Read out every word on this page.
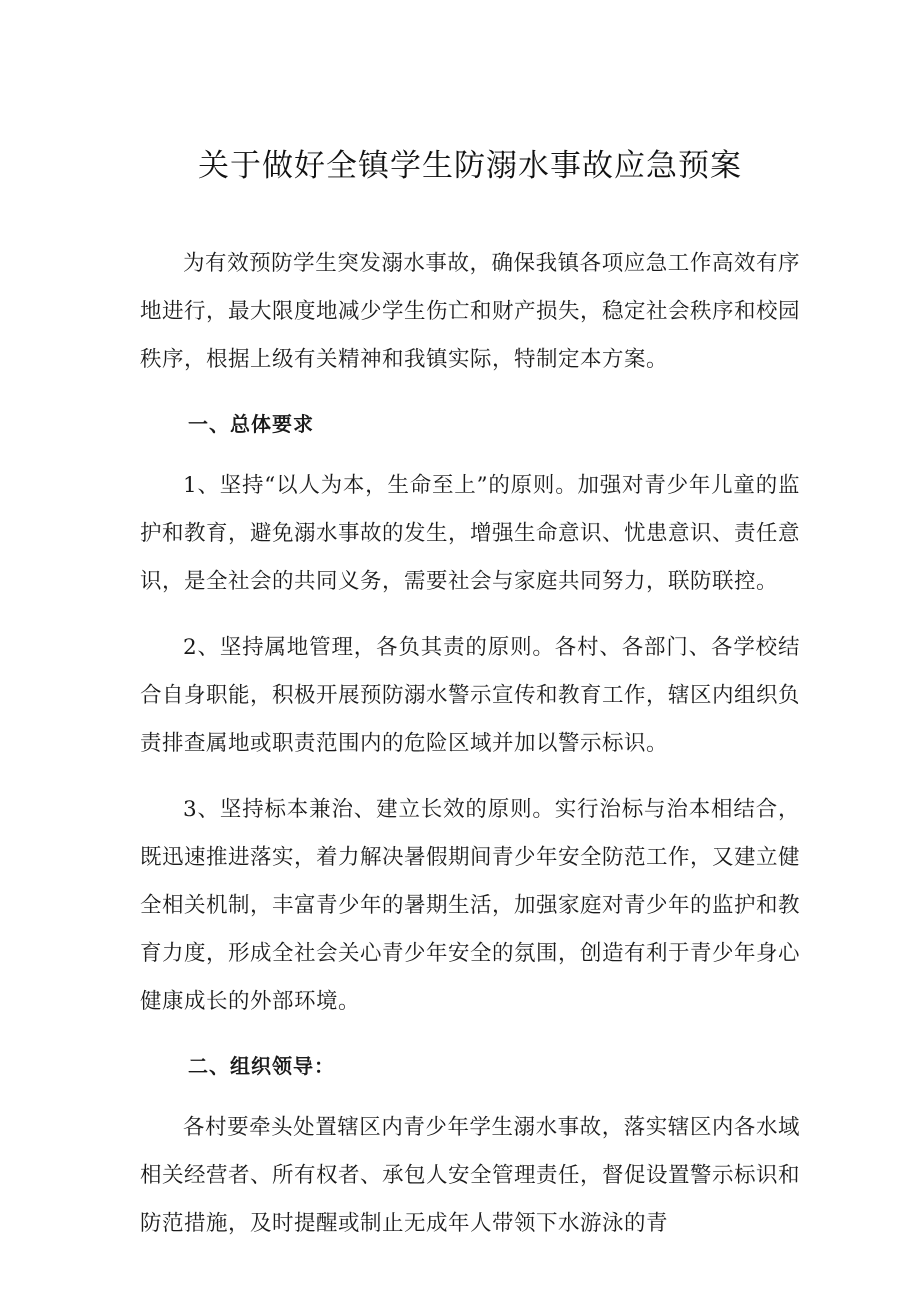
关于做好全镇学生防溺水事故应急预案

为有效预防学生突发溺水事故，确保我镇各项应急工作高效有序地进行，最大限度地减少学生伤亡和财产损失，稳定社会秩序和校园秩序，根据上级有关精神和我镇实际，特制定本方案。

一、总体要求

1、坚持“以人为本，生命至上”的原则。加强对青少年儿童的监护和教育，避免溺水事故的发生，增强生命意识、忧患意识、责任意识，是全社会的共同义务，需要社会与家庭共同努力，联防联控。

2、坚持属地管理，各负其责的原则。各村、各部门、各学校结合自身职能，积极开展预防溺水警示宣传和教育工作，辖区内组织负责排查属地或职责范围内的危险区域并加以警示标识。

3、坚持标本兼治、建立长效的原则。实行治标与治本相结合，既迅速推进落实，着力解决暑假期间青少年安全防范工作，又建立健全相关机制，丰富青少年的暑期生活，加强家庭对青少年的监护和教育力度，形成全社会关心青少年安全的氛围，创造有利于青少年身心健康成长的外部环境。

二、组织领导：

各村要牵头处置辖区内青少年学生溺水事故，落实辖区内各水域相关经营者、所有权者、承包人安全管理责任，督促设置警示标识和防范措施，及时提醒或制止无成年人带领下水游泳的青
